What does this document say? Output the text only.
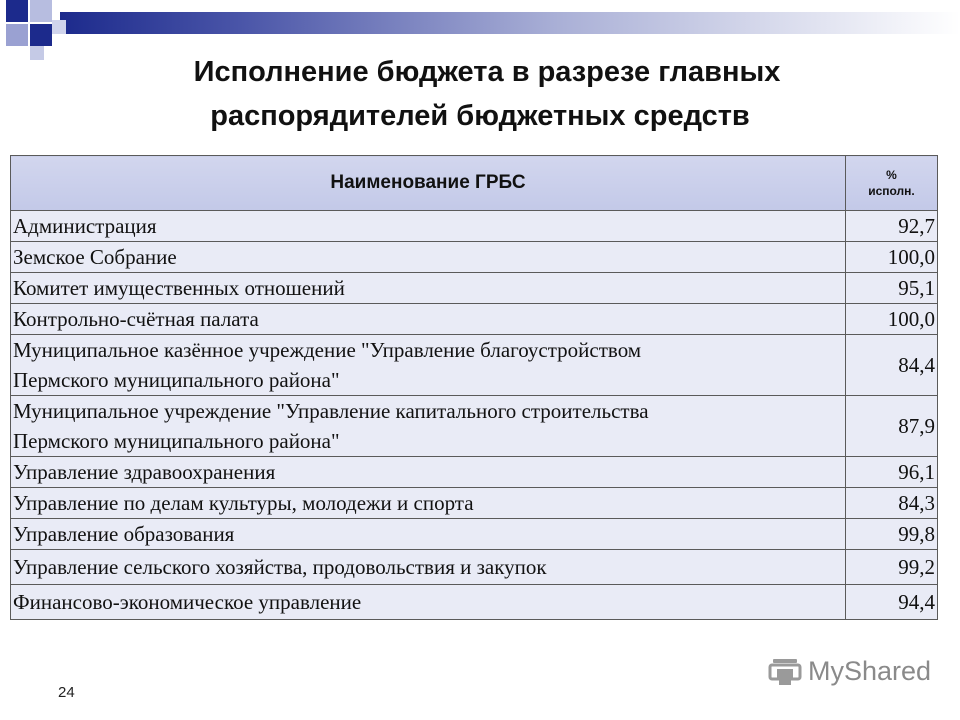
Исполнение бюджета в разрезе главных
распорядителей бюджетных средств
Наименование ГРБС	%
исполн.
Администрация	92,7
Земское Собрание	100,0
Комитет имущественных отношений	95,1
Контрольно-счётная палата	100,0
Муниципальное казённое учреждение "Управление благоустройством
Пермского муниципального района"	84,4
Муниципальное учреждение "Управление капитального строительства
Пермского муниципального района"	87,9
Управление здравоохранения	96,1
Управление по делам культуры, молодежи и спорта	84,3
Управление образования	99,8
Управление сельского хозяйства, продовольствия и закупок	99,2
Финансово-экономическое управление	94,4
24
MyShared
